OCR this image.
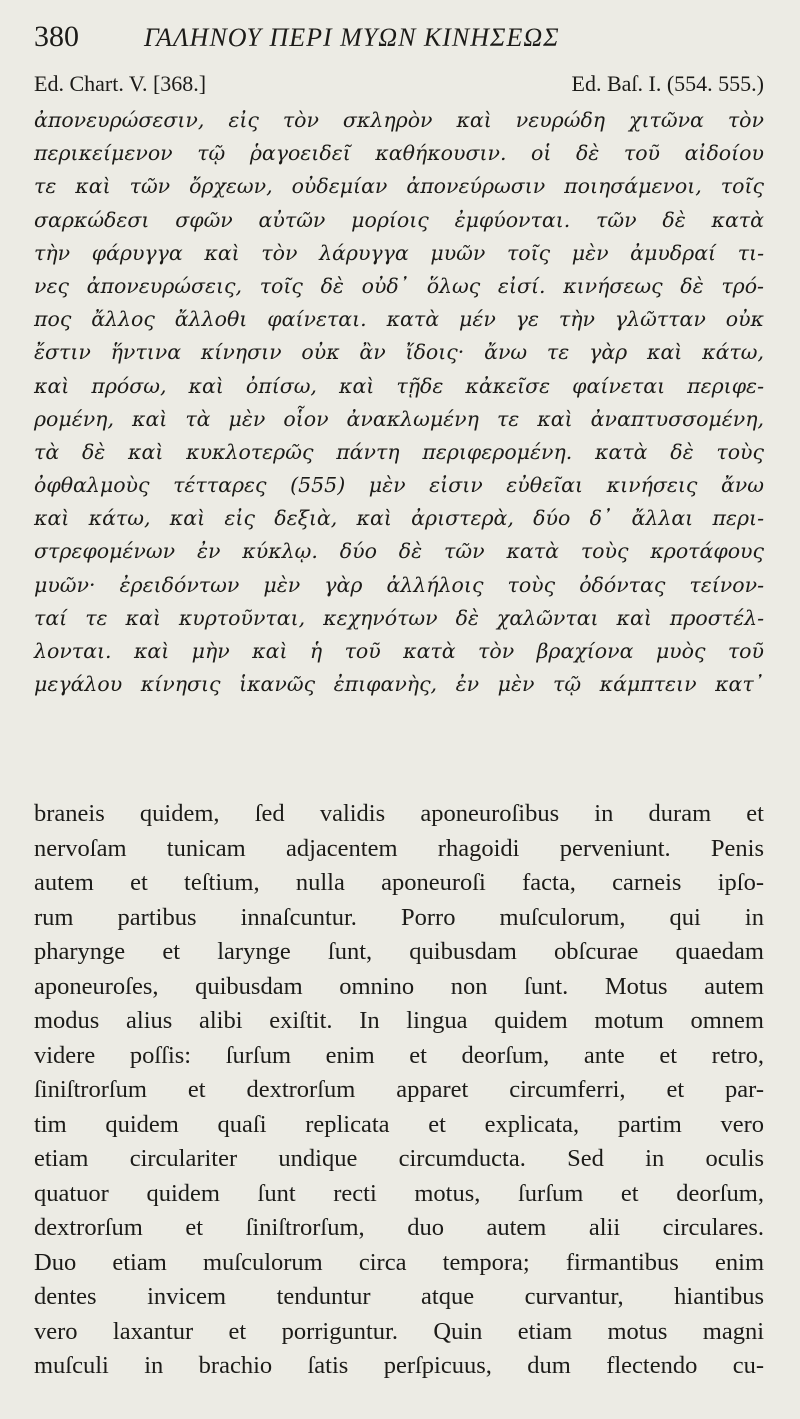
380	ΓΑΛΗΝΟΥ ΠΕΡΙ ΜΥΩΝ ΚΙΝΗΣΕΩΣ
Ed. Chart. V. [368.]	Ed. Baſ. I. (554. 555.)
ἀπονευρώσεσιν, εἰς τὸν σκληρὸν καὶ νευρώδη χιτῶνα τὸν
περικείμενον τῷ ῥαγοειδεῖ καθήκουσιν. οἱ δὲ τοῦ αἰδοίου
τε καὶ τῶν ὄρχεων, οὐδεμίαν ἀπονεύρωσιν ποιησάμενοι, τοῖς
σαρκώδεσι σφῶν αὐτῶν μορίοις ἐμφύονται. τῶν δὲ κατὰ
τὴν φάρυγγα καὶ τὸν λάρυγγα μυῶν τοῖς μὲν ἀμυδραί τι-
νες ἀπονευρώσεις, τοῖς δὲ οὐδ᾽ ὅλως εἰσί. κινήσεως δὲ τρό-
πος ἄλλος ἄλλοθι φαίνεται. κατὰ μέν γε τὴν γλῶτταν οὐκ
ἔστιν ἥντινα κίνησιν οὐκ ἂν ἴδοις· ἄνω τε γὰρ καὶ κάτω,
καὶ πρόσω, καὶ ὀπίσω, καὶ τῇδε κἀκεῖσε φαίνεται περιφε-
ρομένη, καὶ τὰ μὲν οἷον ἀνακλωμένη τε καὶ ἀναπτυσσομένη,
τὰ δὲ καὶ κυκλοτερῶς πάντη περιφερομένη. κατὰ δὲ τοὺς
ὀφθαλμοὺς τέτταρες (555) μὲν εἰσιν εὐθεῖαι κινήσεις ἄνω
καὶ κάτω, καὶ εἰς δεξιὰ, καὶ ἀριστερὰ, δύο δ᾽ ἄλλαι περι-
στρεφομένων ἐν κύκλῳ. δύο δὲ τῶν κατὰ τοὺς κροτάφους
μυῶν· ἐρειδόντων μὲν γὰρ ἀλλήλοις τοὺς ὀδόντας τείνον-
ταί τε καὶ κυρτοῦνται, κεχηνότων δὲ χαλῶνται καὶ προστέλ-
λονται. καὶ μὴν καὶ ἡ τοῦ κατὰ τὸν βραχίονα μυὸς τοῦ
μεγάλου κίνησις ἱκανῶς ἐπιφανὴς, ἐν μὲν τῷ κάμπτειν κατ᾽
braneis quidem, ſed validis aponeuroſibus in duram et
nervoſam tunicam adjacentem rhagoidi perveniunt. Penis
autem et teſtium, nulla aponeuroſi facta, carneis ipſo-
rum partibus innaſcuntur. Porro muſculorum, qui in
pharynge et larynge ſunt, quibusdam obſcurae quaedam
aponeuroſes, quibusdam omnino non ſunt. Motus autem
modus alius alibi exiſtit. In lingua quidem motum omnem
videre poſſis: ſurſum enim et deorſum, ante et retro,
ſiniſtrorſum et dextrorſum apparet circumferri, et par-
tim quidem quaſi replicata et explicata, partim vero
etiam circulariter undique circumducta. Sed in oculis
quatuor quidem ſunt recti motus, ſurſum et deorſum,
dextrorſum et ſiniſtrorſum, duo autem alii circulares.
Duo etiam muſculorum circa tempora; firmantibus enim
dentes invicem tenduntur atque curvantur, hiantibus
vero laxantur et porriguntur. Quin etiam motus magni
muſculi in brachio ſatis perſpicuus, dum flectendo cu-
